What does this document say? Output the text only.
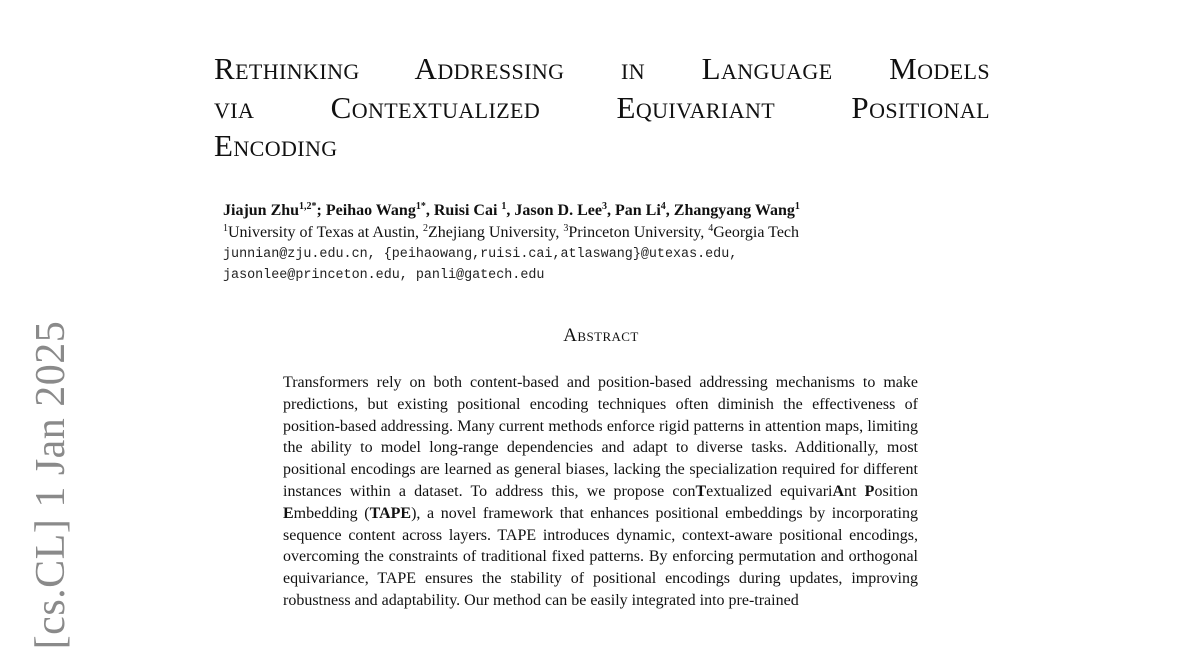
[cs.CL] 1 Jan 2025
Rethinking Addressing in Language Models
via Contextualized Equivariant Positional
Encoding
Jiajun Zhu$^{1,2*}$; Peihao Wang$^{1*}$, Ruisi Cai $^1$, Jason D. Lee$^3$, Pan Li$^4$, Zhangyang Wang$^1$
$^1$University of Texas at Austin, $^2$Zhejiang University, $^3$Princeton University, $^4$Georgia Tech
junnian@zju.edu.cn, {peihaowang,ruisi.cai,atlaswang}@utexas.edu,
jasonlee@princeton.edu, panli@gatech.edu
Abstract

Transformers rely on both content-based and position-based addressing mechanisms to make predictions, but existing positional encoding techniques often diminish the effectiveness of position-based addressing. Many current methods enforce rigid patterns in attention maps, limiting the ability to model long-range dependencies and adapt to diverse tasks. Additionally, most positional encodings are learned as general biases, lacking the specialization required for different instances within a dataset. To address this, we propose conTextualized equivariAnt Position Embedding (TAPE), a novel framework that enhances positional embeddings by incorporating sequence content across layers. TAPE introduces dynamic, context-aware positional encodings, overcoming the constraints of traditional fixed patterns. By enforcing permutation and orthogonal equivariance, TAPE ensures the stability of positional encodings during updates, improving robustness and adaptability. Our method can be easily integrated into pre-trained
